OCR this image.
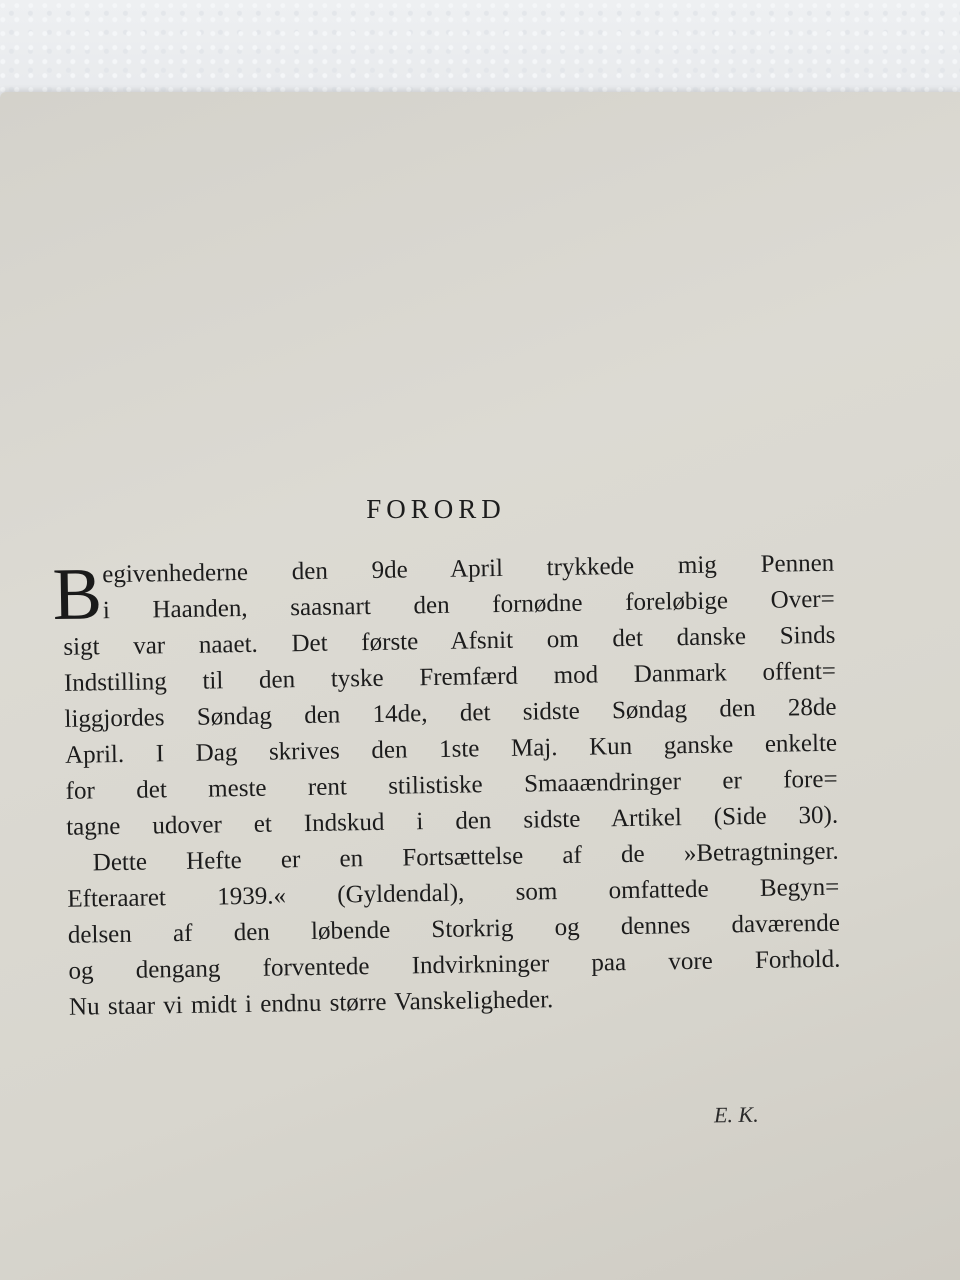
FORORD
B egivenhederne den 9de April trykkede mig Pennen
i Haanden, saasnart den fornødne foreløbige Over=
sigt var naaet. Det første Afsnit om det danske Sinds
Indstilling til den tyske Fremfærd mod Danmark offent=
liggjordes Søndag den 14de, det sidste Søndag den 28de
April. I Dag skrives den 1ste Maj. Kun ganske enkelte
for det meste rent stilistiske Smaaændringer er fore=
tagne udover et Indskud i den sidste Artikel (Side 30).
Dette Hefte er en Fortsættelse af de »Betragtninger.
Efteraaret 1939.« (Gyldendal), som omfattede Begyn=
delsen af den løbende Storkrig og dennes daværende
og dengang forventede Indvirkninger paa vore Forhold.
Nu staar vi midt i endnu større Vanskeligheder.
E. K.
